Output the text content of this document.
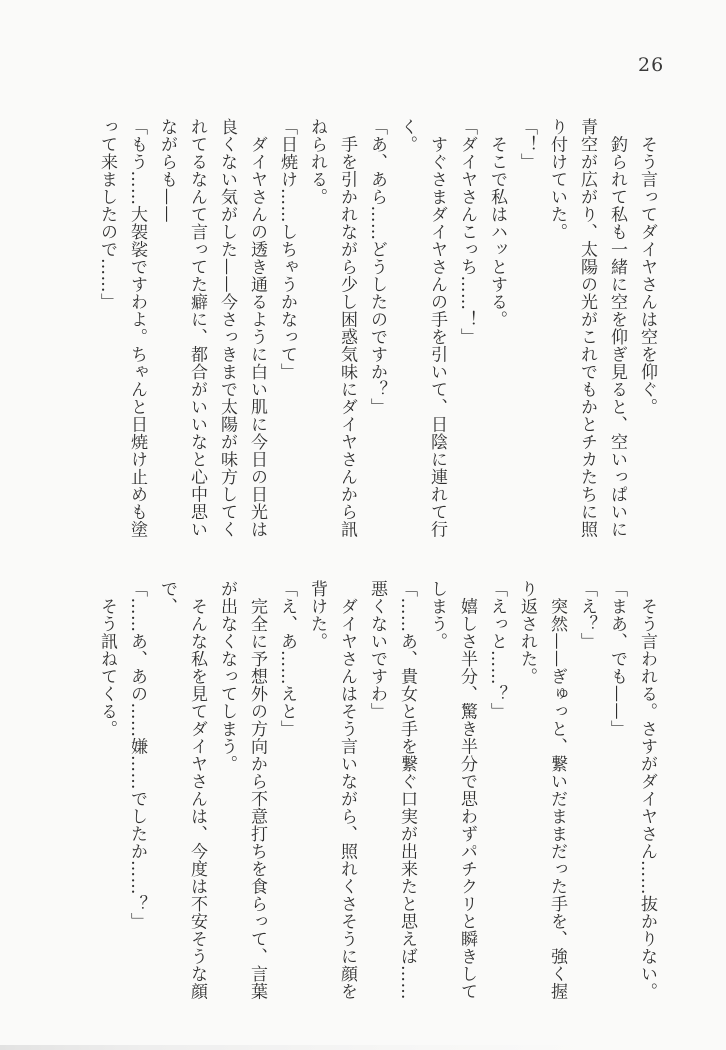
26
　そう言ってダイヤさんは空を仰ぐ。
　釣られて私も一緒に空を仰ぎ見ると、空いっぱいに
青空が広がり、太陽の光がこれでもかとチカたちに照
り付けていた。
「！」
　そこで私はハッとする。
「ダイヤさんこっち……！」
　すぐさまダイヤさんの手を引いて、日陰に連れて行
く。
「あ、あら……どうしたのですか？」
　手を引かれながら少し困惑気味にダイヤさんから訊
ねられる。
「日焼け……しちゃうかなって」
　ダイヤさんの透き通るように白い肌に今日の日光は
良くない気がした——今さっきまで太陽が味方してく
れてるなんて言ってた癖に、都合がいいなと心中思い
ながらも——
「もう……大袈裟ですわよ。ちゃんと日焼け止めも塗
って来ましたので……」
　そう言われる。さすがダイヤさん……抜かりない。
「まあ、でも——」
「え？」
　突然——ぎゅっと、繋いだままだった手を、強く握
り返された。
「えっと……？」
　嬉しさ半分、驚き半分で思わずパチクリと瞬きして
しまう。
「……あ、貴女と手を繋ぐ口実が出来たと思えば……
悪くないですわ」
　ダイヤさんはそう言いながら、照れくさそうに顔を
背けた。
「え、あ……えと」
　完全に予想外の方向から不意打ちを食らって、言葉
が出なくなってしまう。
　そんな私を見てダイヤさんは、今度は不安そうな顔
で、
「……あ、あの……嫌……でしたか……？」
　そう訊ねてくる。
